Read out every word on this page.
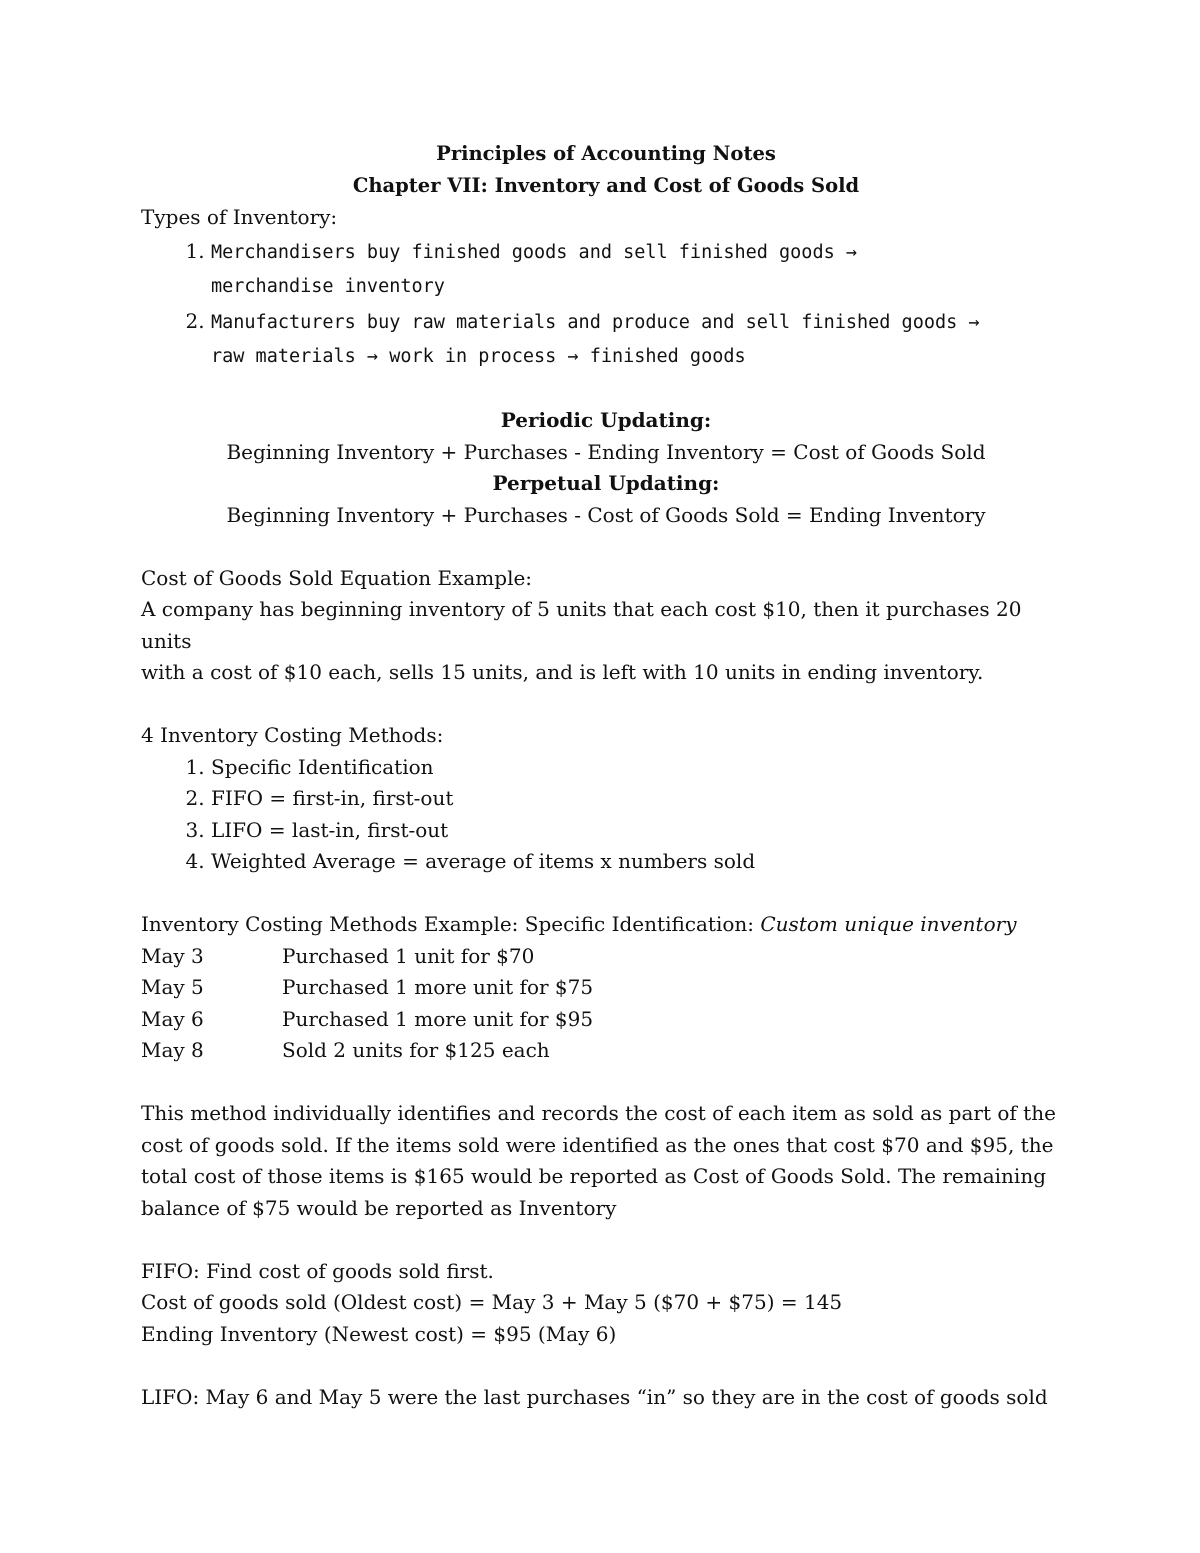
Principles of Accounting Notes
Chapter VII: Inventory and Cost of Goods Sold
Types of Inventory:
1. Merchandisers buy finished goods and sell finished goods →
merchandise inventory
2. Manufacturers buy raw materials and produce and sell finished goods →
raw materials → work in process → finished goods
Periodic Updating:
Beginning Inventory + Purchases - Ending Inventory = Cost of Goods Sold
Perpetual Updating:
Beginning Inventory + Purchases - Cost of Goods Sold = Ending Inventory
Cost of Goods Sold Equation Example:
A company has beginning inventory of 5 units that each cost $10, then it purchases 20 units
with a cost of $10 each, sells 15 units, and is left with 10 units in ending inventory.
4 Inventory Costing Methods:
1. Specific Identification
2. FIFO = first-in, first-out
3. LIFO = last-in, first-out
4. Weighted Average = average of items x numbers sold
Inventory Costing Methods Example: Specific Identification: Custom unique inventory
May 3	Purchased 1 unit for $70
May 5	Purchased 1 more unit for $75
May 6	Purchased 1 more unit for $95
May 8	Sold 2 units for $125 each
This method individually identifies and records the cost of each item as sold as part of the
cost of goods sold. If the items sold were identified as the ones that cost $70 and $95, the
total cost of those items is $165 would be reported as Cost of Goods Sold. The remaining
balance of $75 would be reported as Inventory
FIFO: Find cost of goods sold first.
Cost of goods sold (Oldest cost) = May 3 + May 5 ($70 + $75) = 145
Ending Inventory (Newest cost) = $95 (May 6)
LIFO: May 6 and May 5 were the last purchases “in” so they are in the cost of goods sold
